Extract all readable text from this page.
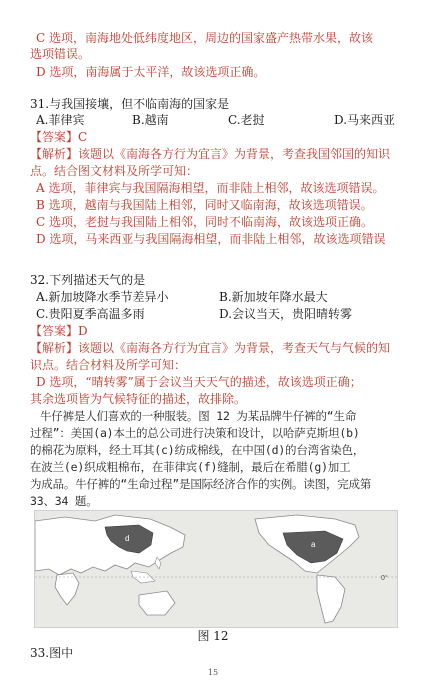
C 选项，南海地处低纬度地区，周边的国家盛产热带水果，故该
选项错误。
D 选项，南海属于太平洋，故该选项正确。
31.与我国接壤，但不临南海的国家是
A.菲律宾	B.越南	C.老挝	D.马来西亚
【答案】C
【解析】该题以《南海各方行为宜言》为背景，考查我国邻国的知识
点。结合图文材料及所学可知：
A 选项，菲律宾与我国隔海相望，而非陆上相邻，故该选项错误。
B 选项，越南与我国陆上相邻，同时又临南海，故该选项错误。
C 选项，老挝与我国陆上相邻，同时不临南海，故该选项正确。
D 选项，马来西亚与我国隔海相望，而非陆上相邻，故该选项错误
32.下列描述天气的是
A.新加坡降水季节差异小	B.新加坡年降水最大
C.贵阳夏季高温多雨	D.会议当天，贵阳晴转雾
【答案】D
【解析】该题以《南海各方行为宜言》为背景，考查天气与气候的知
识点。结合材料及所学可知：
D 选项，“晴转雾”属于会议当天天气的描述，故该选项正确；
其余选项皆为气候特征的描述，故排除。
牛仔裤是人们喜欢的一种服装。图 12 为某品牌牛仔裤的“生命
过程”：美国(a)本土的总公司进行决策和设计，以哈萨克斯坦(b)
的棉花为原料，经土耳其(c)纺成棉线，在中国(d)的台湾省染色，
在波兰(e)织成粗棉布，在菲律宾(f)缝制，最后在希腊(g)加工
为成品。牛仔裤的“生命过程”是国际经济合作的实例。读图，完成第
33、34 题。
d
a
0°
图 12
33.图中
15
